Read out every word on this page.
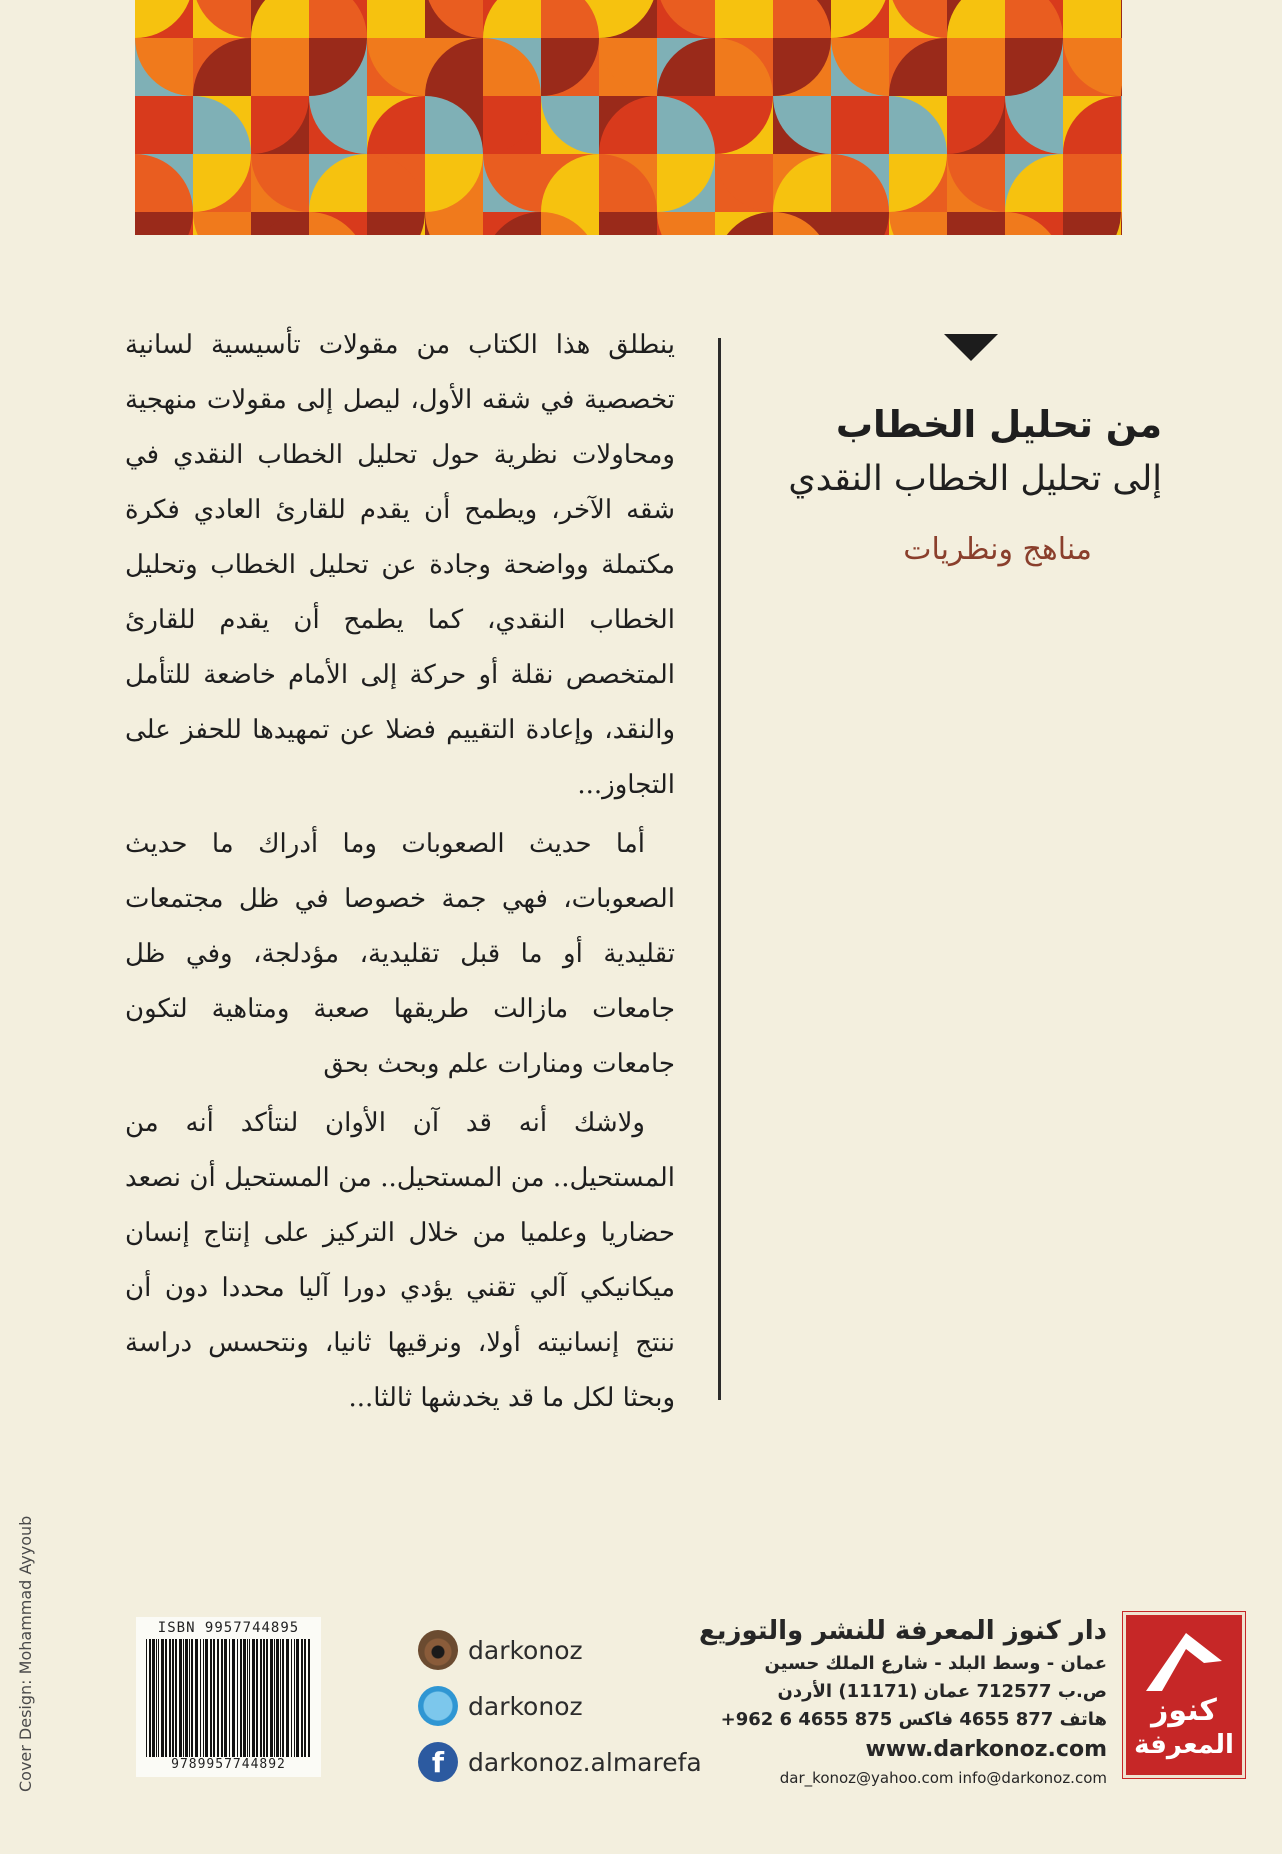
من تحليل الخطاب
إلى تحليل الخطاب النقدي
مناهج ونظريات

ينطلق هذا الكتاب من مقولات تأسيسية لسانية تخصصية في شقه الأول، ليصل إلى مقولات منهجية ومحاولات نظرية حول تحليل الخطاب النقدي في شقه الآخر، ويطمح أن يقدم للقارئ العادي فكرة مكتملة وواضحة وجادة عن تحليل الخطاب وتحليل الخطاب النقدي، كما يطمح أن يقدم للقارئ المتخصص نقلة أو حركة إلى الأمام خاضعة للتأمل والنقد، وإعادة التقييم فضلا عن تمهيدها للحفز على التجاوز...

أما حديث الصعوبات وما أدراك ما حديث الصعوبات، فهي جمة خصوصا في ظل مجتمعات تقليدية أو ما قبل تقليدية، مؤدلجة، وفي ظل جامعات مازالت طريقها صعبة ومتاهية لتكون جامعات ومنارات علم وبحث بحق

ولاشك أنه قد آن الأوان لنتأكد أنه من المستحيل.. من المستحيل.. من المستحيل أن نصعد حضاريا وعلميا من خلال التركيز على إنتاج إنسان ميكانيكي آلي تقني يؤدي دورا آليا محددا دون أن ننتج إنسانيته أولا، ونرقيها ثانيا، ونتحسس دراسة وبحثا لكل ما قد يخدشها ثالثا...

Cover Design: Mohammad Ayyoub	ISBN 9957744895
9789957744892
darkonoz
darkonoz
f darkonoz.almarefa
دار كنوز المعرفة للنشر والتوزيع
عمان - وسط البلد - شارع الملك حسين
ص.ب 712577 عمان (11171) الأردن
هاتف 877 4655 فاكس 875 4655 6 962+
www.darkonoz.com
dar_konoz@yahoo.com info@darkonoz.com
كنوز
المعرفة
